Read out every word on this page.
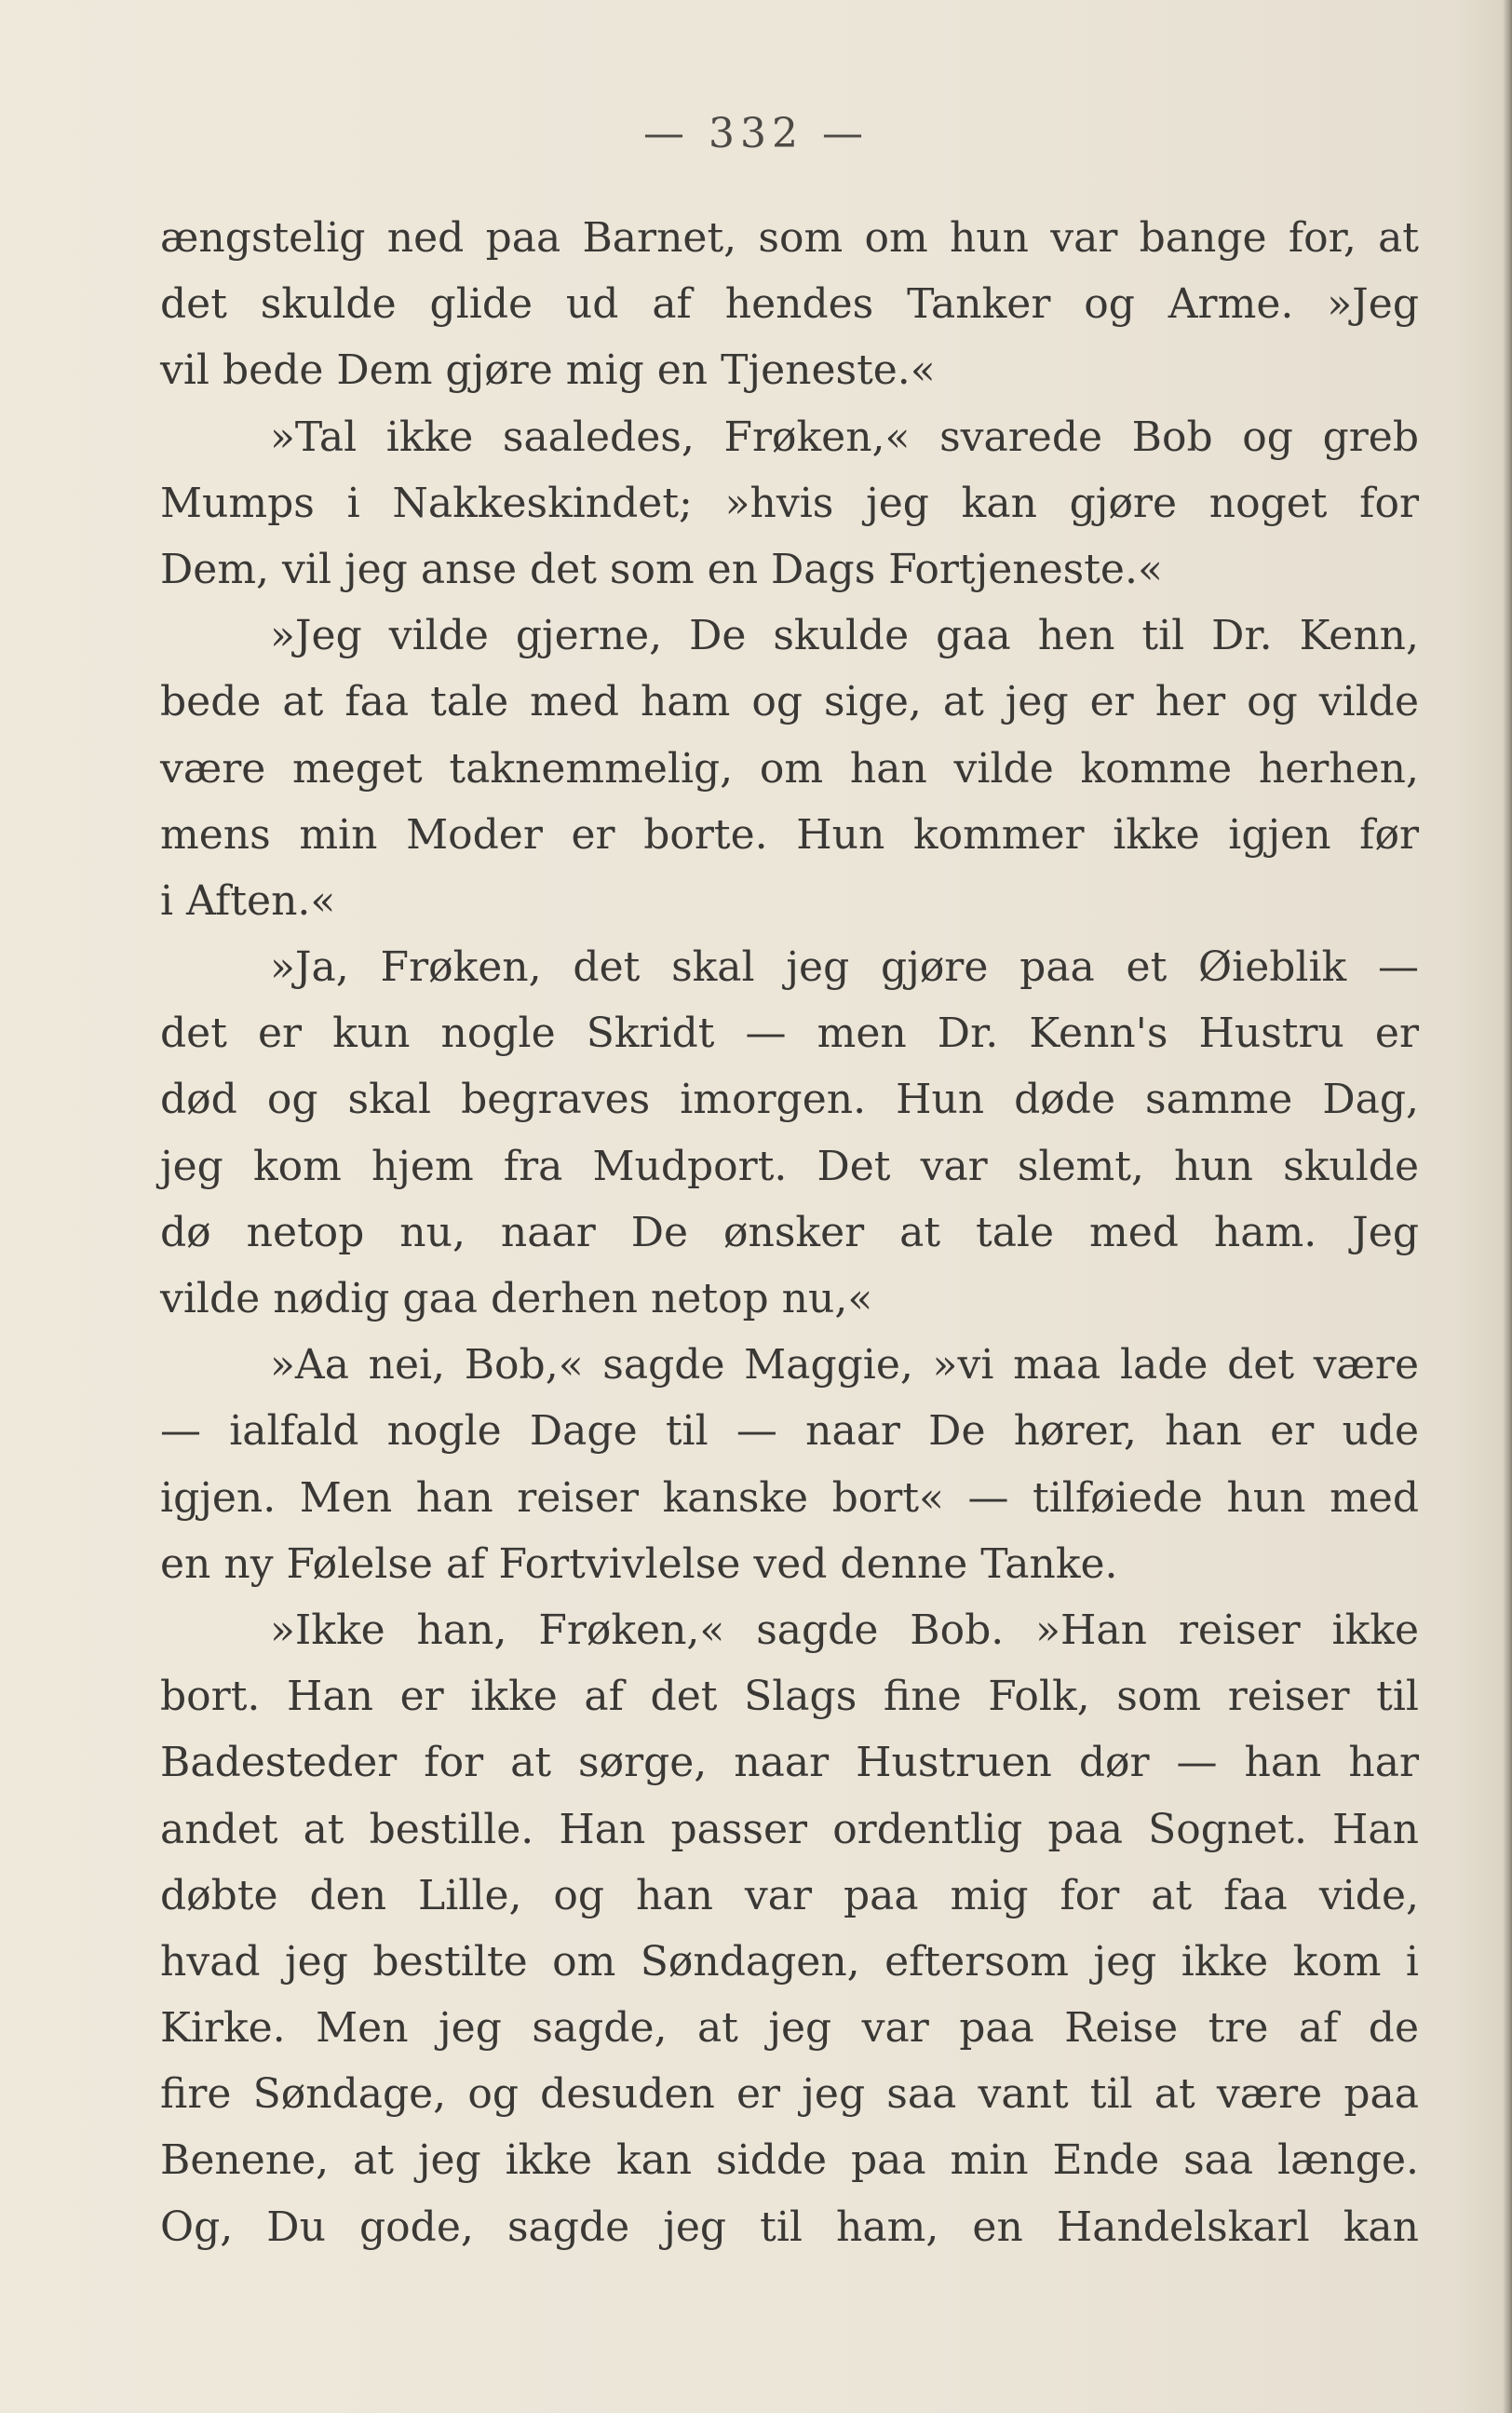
— 332 —
ængstelig ned paa Barnet, som om hun var bange for, at
det skulde glide ud af hendes Tanker og Arme. »Jeg
vil bede Dem gjøre mig en Tjeneste.«
»Tal ikke saaledes, Frøken,« svarede Bob og greb
Mumps i Nakkeskindet; »hvis jeg kan gjøre noget for
Dem, vil jeg anse det som en Dags Fortjeneste.«
»Jeg vilde gjerne, De skulde gaa hen til Dr. Kenn,
bede at faa tale med ham og sige, at jeg er her og vilde
være meget taknemmelig, om han vilde komme herhen,
mens min Moder er borte. Hun kommer ikke igjen før
i Aften.«
»Ja, Frøken, det skal jeg gjøre paa et Øieblik —
det er kun nogle Skridt — men Dr. Kenn's Hustru er
død og skal begraves imorgen. Hun døde samme Dag,
jeg kom hjem fra Mudport. Det var slemt, hun skulde
dø netop nu, naar De ønsker at tale med ham. Jeg
vilde nødig gaa derhen netop nu,«
»Aa nei, Bob,« sagde Maggie, »vi maa lade det være
— ialfald nogle Dage til — naar De hører, han er ude
igjen. Men han reiser kanske bort« — tilføiede hun med
en ny Følelse af Fortvivlelse ved denne Tanke.
»Ikke han, Frøken,« sagde Bob. »Han reiser ikke
bort. Han er ikke af det Slags fine Folk, som reiser til
Badesteder for at sørge, naar Hustruen dør — han har
andet at bestille. Han passer ordentlig paa Sognet. Han
døbte den Lille, og han var paa mig for at faa vide,
hvad jeg bestilte om Søndagen, eftersom jeg ikke kom i
Kirke. Men jeg sagde, at jeg var paa Reise tre af de
fire Søndage, og desuden er jeg saa vant til at være paa
Benene, at jeg ikke kan sidde paa min Ende saa længe.
Og, Du gode, sagde jeg til ham, en Handelskarl kan
